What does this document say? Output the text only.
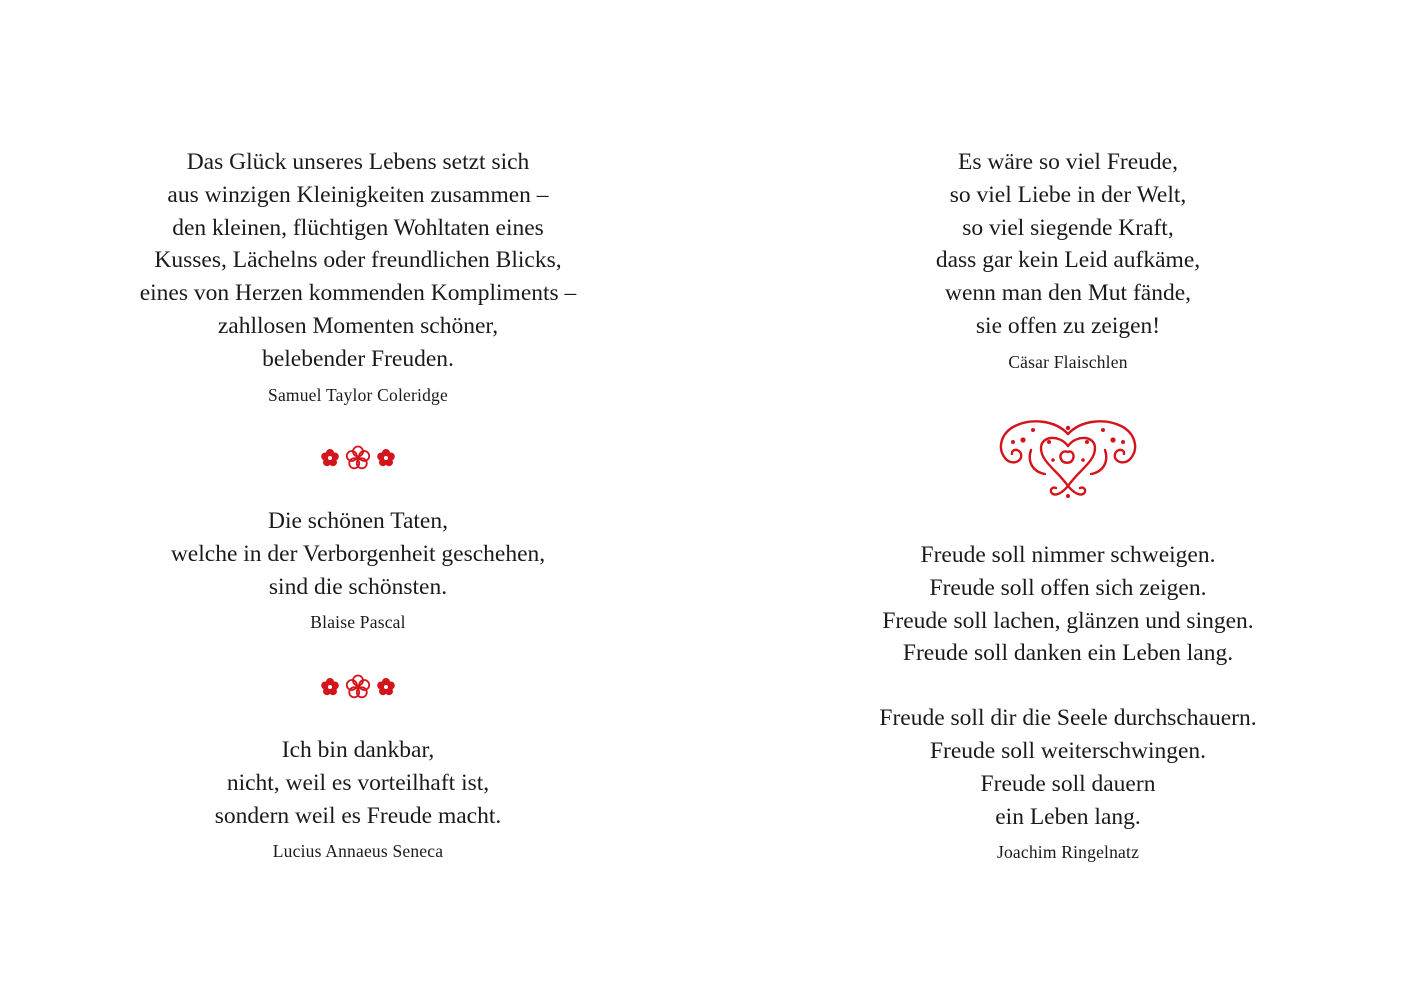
Das Glück unseres Lebens setzt sich
aus winzigen Kleinigkeiten zusammen –
den kleinen, flüchtigen Wohltaten eines
Kusses, Lächelns oder freundlichen Blicks,
eines von Herzen kommenden Kompliments –
zahllosen Momenten schöner,
belebender Freuden.

Samuel Taylor Coleridge

Die schönen Taten,
welche in der Verborgenheit geschehen,
sind die schönsten.

Blaise Pascal

Ich bin dankbar,
nicht, weil es vorteilhaft ist,
sondern weil es Freude macht.

Lucius Annaeus Seneca

Es wäre so viel Freude,
so viel Liebe in der Welt,
so viel siegende Kraft,
dass gar kein Leid aufkäme,
wenn man den Mut fände,
sie offen zu zeigen!

Cäsar Flaischlen

Freude soll nimmer schweigen.
Freude soll offen sich zeigen.
Freude soll lachen, glänzen und singen.
Freude soll danken ein Leben lang.

Freude soll dir die Seele durchschauern.
Freude soll weiterschwingen.
Freude soll dauern
ein Leben lang.

Joachim Ringelnatz
